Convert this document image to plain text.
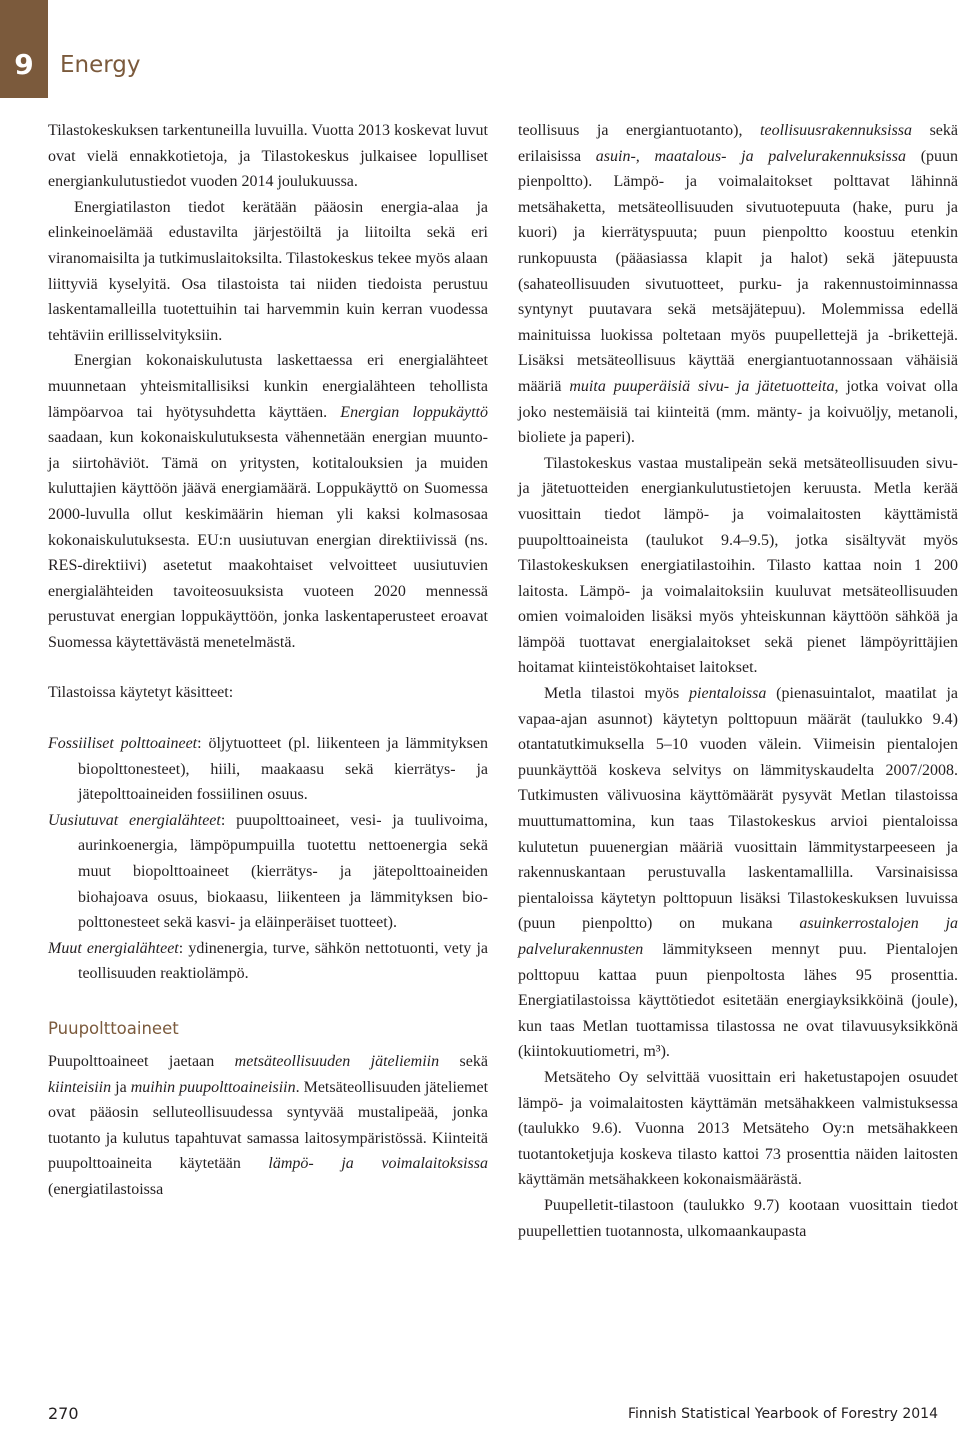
9 Energy

Tilastokeskuksen tarkentuneilla luvuilla. Vuotta 2013 koskevat luvut ovat vielä ennakkotietoja, ja Tilastokeskus julkaisee lopulliset energiankulutustiedot vuoden 2014 joulukuussa.

Energiatilaston tiedot kerätään pääosin energia-alaa ja elinkeinoelämää edustavilta järjestöiltä ja liitoilta sekä eri viranomaisilta ja tutkimuslaitoksilta. Tilastokeskus tekee myös alaan liittyviä kyselyitä. Osa tilastoista tai niiden tiedoista perustuu laskentamalleilla tuotettuihin tai harvemmin kuin kerran vuodessa tehtäviin erillisselvityksiin.

Energian kokonaiskulutusta laskettaessa eri energialähteet muunnetaan yhteismitallisiksi kunkin energialähteen tehollista lämpöarvoa tai hyötysuhdetta käyttäen. Energian loppukäyttö saadaan, kun kokonaiskulutuksesta vähennetään energian muunto- ja siirtohäviöt. Tämä on yritysten, kotitalouksien ja muiden kuluttajien käyttöön jäävä energiamäärä. Loppukäyttö on Suomessa 2000-luvulla ollut keskimäärin hieman yli kaksi kolmasosaa kokonaiskulutuksesta. EU:n uusiutuvan energian direktiivissä (ns. RES-direktiivi) asetetut maakohtaiset velvoitteet uusiutuvien energialähteiden tavoiteosuuksista vuoteen 2020 mennessä perustuvat energian loppukäyttöön, jonka laskentaperusteet eroavat Suomessa käytettävästä menetelmästä.

Tilastoissa käytetyt käsitteet:

Fossiiliset polttoaineet: öljytuotteet (pl. liikenteen ja lämmityksen biopolttonesteet), hiili, maakaasu sekä kierrätys- ja jätepolttoaineiden fossiilinen osuus.

Uusiutuvat energialähteet: puupolttoaineet, vesi- ja tuulivoima, aurinkoenergia, lämpöpumpuilla tuotettu nettoenergia sekä muut biopolttoaineet (kierrätys- ja jätepolttoaineiden biohajoava osuus, biokaasu, liikenteen ja lämmityksen biopolttonesteet sekä kasvi- ja eläinperäiset tuotteet).

Muut energialähteet: ydinenergia, turve, sähkön nettotuonti, vety ja teollisuuden reaktiolämpö.

Puupolttoaineet

Puupolttoaineet jaetaan metsäteollisuuden jäteliemiin sekä kiinteisiin ja muihin puupolttoaineisiin. Metsäteollisuuden jäteliemet ovat pääosin selluteollisuudessa syntyvää mustalipeää, jonka tuotanto ja kulutus tapahtuvat samassa laitosympäristössä. Kiinteitä puupolttoaineita käytetään lämpö- ja voimalaitoksissa (energiatilastoissa

teollisuus ja energiantuotanto), teollisuusrakennuksissa sekä erilaisissa asuin-, maatalous- ja palvelurakennuksissa (puun pienpoltto). Lämpö- ja voimalaitokset polttavat lähinnä metsähaketta, metsäteollisuuden sivutuotepuuta (hake, puru ja kuori) ja kierrätyspuuta; puun pienpoltto koostuu etenkin runkopuusta (pääasiassa klapit ja halot) sekä jätepuusta (sahateollisuuden sivutuotteet, purku- ja rakennustoiminnassa syntynyt puutavara sekä metsäjätepuu). Molemmissa edellä mainituissa luokissa poltetaan myös puupellettejä ja -brikettejä. Lisäksi metsäteollisuus käyttää energiantuotannossaan vähäisiä määriä muita puuperäisiä sivu- ja jätetuotteita, jotka voivat olla joko nestemäisiä tai kiinteitä (mm. mänty- ja koivuöljy, metanoli, bioliete ja paperi).

Tilastokeskus vastaa mustalipeän sekä metsäteollisuuden sivu- ja jätetuotteiden energiankulutustietojen keruusta. Metla kerää vuosittain tiedot lämpö- ja voimalaitosten käyttämistä puupolttoaineista (taulukot 9.4–9.5), jotka sisältyvät myös Tilastokeskuksen energiatilastoihin. Tilasto kattaa noin 1 200 laitosta. Lämpö- ja voimalaitoksiin kuuluvat metsäteollisuuden omien voimaloiden lisäksi myös yhteiskunnan käyttöön sähköä ja lämpöä tuottavat energialaitokset sekä pienet lämpöyrittäjien hoitamat kiinteistökohtaiset laitokset.

Metla tilastoi myös pientaloissa (pienasuintalot, maatilat ja vapaa-ajan asunnot) käytetyn polttopuun määrät (taulukko 9.4) otantatutkimuksella 5–10 vuoden välein. Viimeisin pientalojen puunkäyttöä koskeva selvitys on lämmityskaudelta 2007/2008. Tutkimusten välivuosina käyttömäärät pysyvät Metlan tilastoissa muuttumattomina, kun taas Tilastokeskus arvioi pientaloissa kulutetun puuenergian määriä vuosittain lämmitystarpeeseen ja rakennuskantaan perustuvalla laskentamallilla. Varsinaisissa pientaloissa käytetyn polttopuun lisäksi Tilastokeskuksen luvuissa (puun pienpoltto) on mukana asuinkerrostalojen ja palvelurakennusten lämmitykseen mennyt puu. Pientalojen polttopuu kattaa puun pienpoltosta lähes 95 prosenttia. Energiatilastoissa käyttötiedot esitetään energiayksikköinä (joule), kun taas Metlan tuottamissa tilastossa ne ovat tilavuusyksikkönä (kiintokuutiometri, m³).

Metsäteho Oy selvittää vuosittain eri haketustapojen osuudet lämpö- ja voimalaitosten käyttämän metsähakkeen valmistuksessa (taulukko 9.6). Vuonna 2013 Metsäteho Oy:n metsähakkeen tuotantoketjuja koskeva tilasto kattoi 73 prosenttia näiden laitosten käyttämän metsähakkeen kokonaismäärästä.

Puupelletit-tilastoon (taulukko 9.7) kootaan vuosittain tiedot puupellettien tuotannosta, ulkomaankaupasta

270	Finnish Statistical Yearbook of Forestry 2014
